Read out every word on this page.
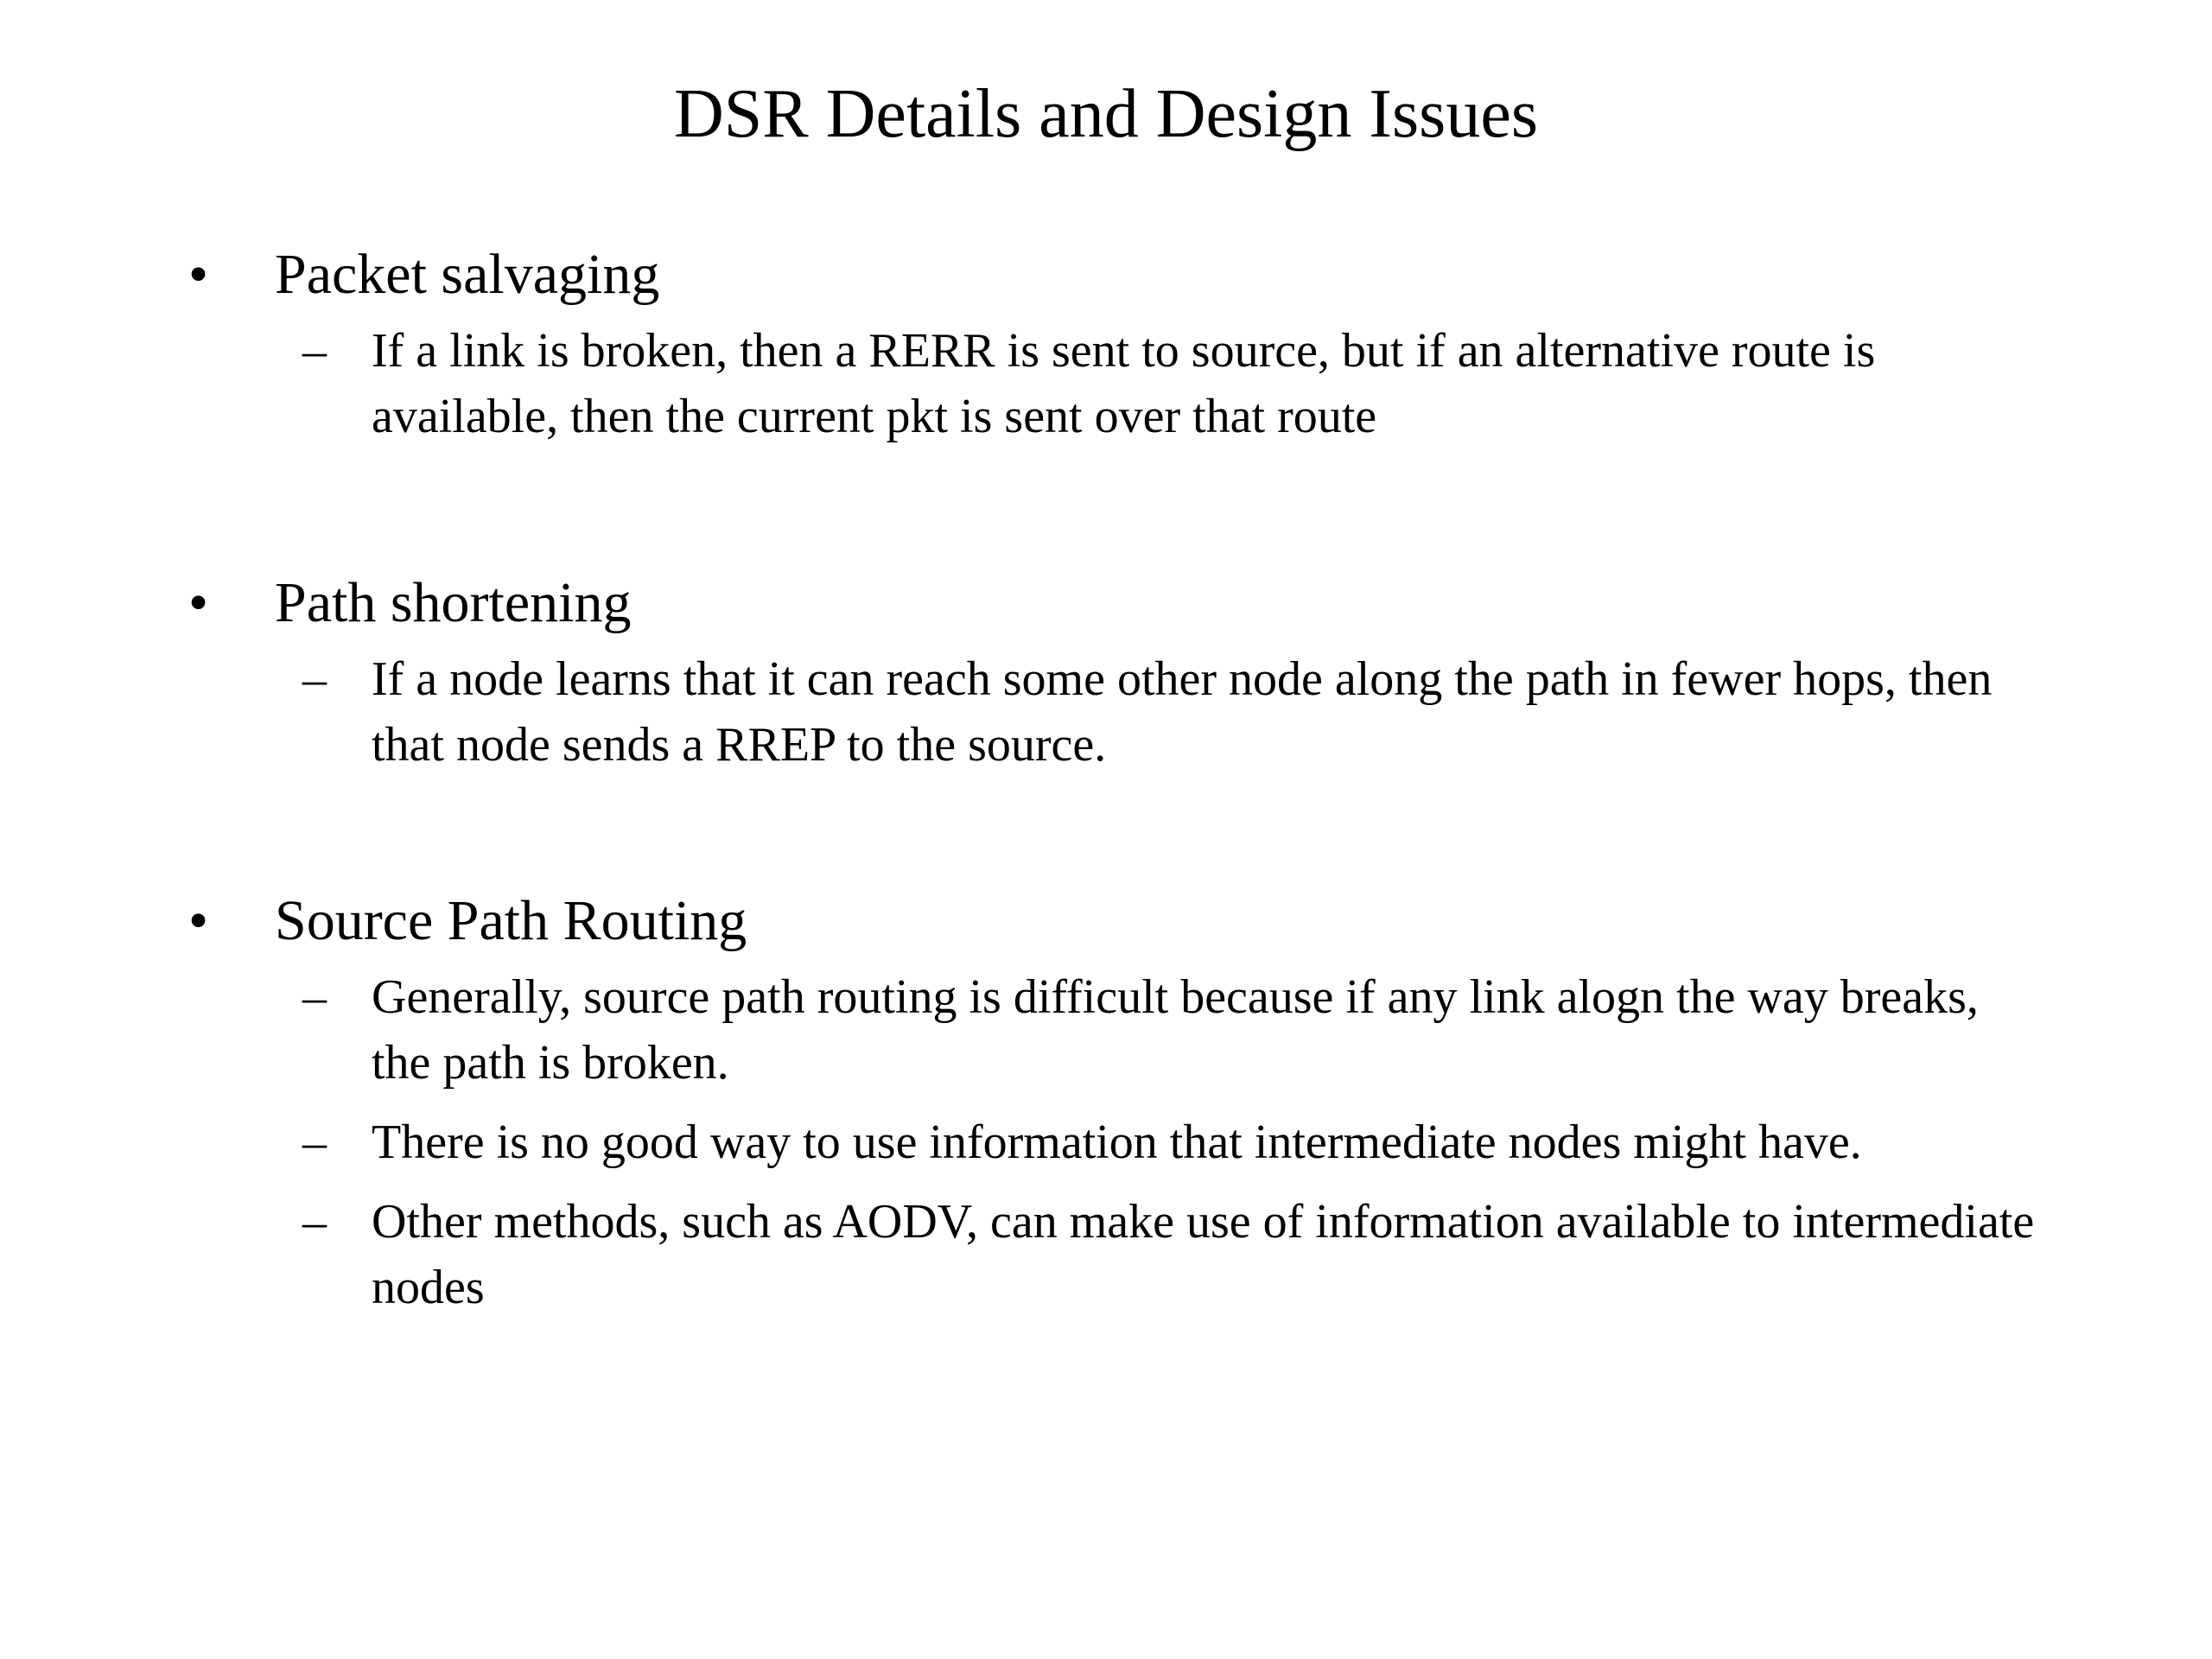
DSR Details and Design Issues
• Packet salvaging
– If a link is broken, then a RERR is sent to source, but if an alternative route is available, then the current pkt is sent over that route
• Path shortening
– If a node learns that it can reach some other node along the path in fewer hops, then that node sends a RREP to the source.
• Source Path Routing
– Generally, source path routing is difficult because if any link alogn the way breaks, the path is broken.
– There is no good way to use information that intermediate nodes might have.
– Other methods, such as AODV, can make use of information available to intermediate nodes
